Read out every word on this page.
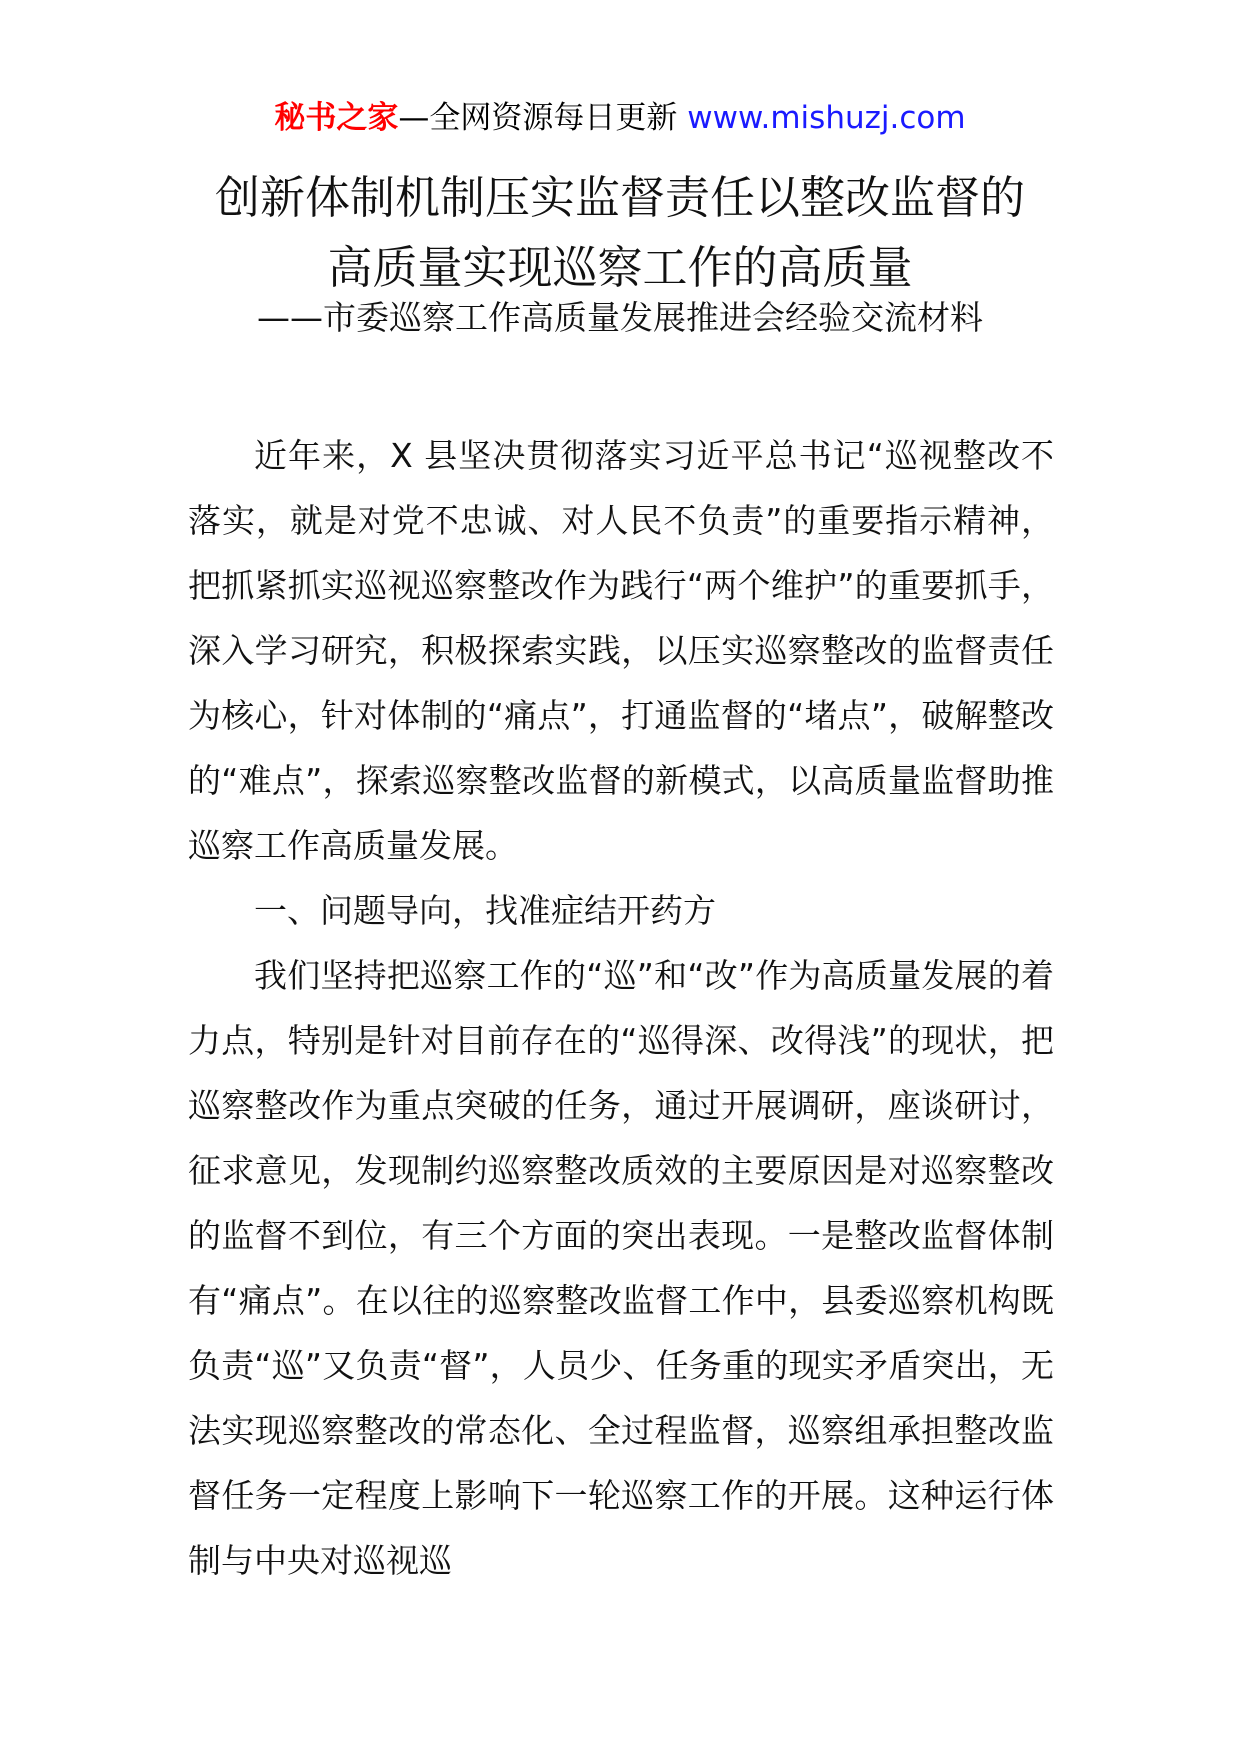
秘书之家—全网资源每日更新 www.mishuzj.com
创新体制机制压实监督责任以整改监督的
高质量实现巡察工作的高质量
——市委巡察工作高质量发展推进会经验交流材料

近年来，X 县坚决贯彻落实习近平总书记“巡视整改不落实，就是对党不忠诚、对人民不负责”的重要指示精神，把抓紧抓实巡视巡察整改作为践行“两个维护”的重要抓手，深入学习研究，积极探索实践，以压实巡察整改的监督责任为核心，针对体制的“痛点”，打通监督的“堵点”，破解整改的“难点”，探索巡察整改监督的新模式，以高质量监督助推巡察工作高质量发展。

一、问题导向，找准症结开药方

我们坚持把巡察工作的“巡”和“改”作为高质量发展的着力点，特别是针对目前存在的“巡得深、改得浅”的现状，把巡察整改作为重点突破的任务，通过开展调研，座谈研讨，征求意见，发现制约巡察整改质效的主要原因是对巡察整改的监督不到位，有三个方面的突出表现。一是整改监督体制有“痛点”。在以往的巡察整改监督工作中，县委巡察机构既负责“巡”又负责“督”，人员少、任务重的现实矛盾突出，无法实现巡察整改的常态化、全过程监督，巡察组承担整改监督任务一定程度上影响下一轮巡察工作的开展。这种运行体制与中央对巡视巡
